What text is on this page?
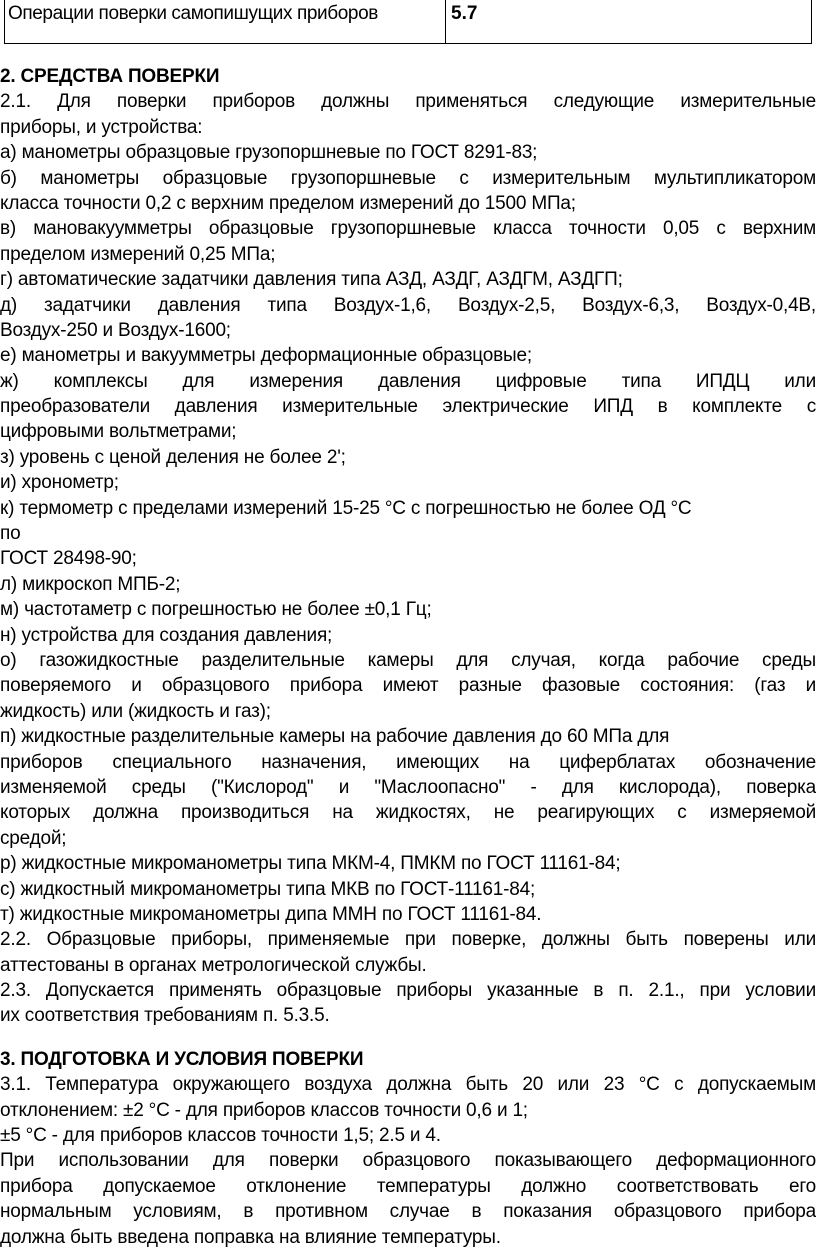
Операции поверки самопишущих приборов	5.7
2. СРЕДСТВА ПОВЕРКИ
2.1. Для поверки приборов должны применяться следующие измерительные
приборы, и устройства:
а) манометры образцовые грузопоршневые по ГОСТ 8291-83;
б) манометры образцовые грузопоршневые с измерительным мультипликатором
класса точности 0,2 с верхним пределом измерений до 1500 МПа;
в) мановакуумметры образцовые грузопоршневые класса точности 0,05 с верхним
пределом измерений 0,25 МПа;
г) автоматические задатчики давления типа АЗД, АЗДГ, АЗДГМ, АЗДГП;
д) задатчики давления типа Воздух-1,6, Воздух-2,5, Воздух-6,3, Воздух-0,4В,
Воздух-250 и Воздух-1600;
е) манометры и вакуумметры деформационные образцовые;
ж) комплексы для измерения давления цифровые типа ИПДЦ или
преобразователи давления измерительные электрические ИПД в комплекте с
цифровыми вольтметрами;
з) уровень с ценой деления не более 2';
и) хронометр;
к) термометр с пределами измерений 15-25 °С с погрешностью не более ОД °С
по
ГОСТ 28498-90;
л) микроскоп МПБ-2;
м) частотаметр с погрешностью не более ±0,1 Гц;
н) устройства для создания давления;
о) газожидкостные разделительные камеры для случая, когда рабочие среды
поверяемого и образцового прибора имеют разные фазовые состояния: (газ и
жидкость) или (жидкость и газ);
п) жидкостные разделительные камеры на рабочие давления до 60 МПа для
приборов специального назначения, имеющих на циферблатах обозначение
изменяемой среды ("Кислород" и "Маслоопасно" - для кислорода), поверка
которых должна производиться на жидкостях, не реагирующих с измеряемой
средой;
р) жидкостные микроманометры типа МКМ-4, ПМКМ по ГОСТ 11161-84;
с) жидкостный микроманометры типа МКВ по ГОСТ-11161-84;
т) жидкостные микроманометры дипа ММН по ГОСТ 11161-84.
2.2. Образцовые приборы, применяемые при поверке, должны быть поверены или
аттестованы в органах метрологической службы.
2.3. Допускается применять образцовые приборы указанные в п. 2.1., при условии
их соответствия требованиям п. 5.3.5.
3. ПОДГОТОВКА И УСЛОВИЯ ПОВЕРКИ
3.1. Температура окружающего воздуха должна быть 20 или 23 °С с допускаемым
отклонением: ±2 °С - для приборов классов точности 0,6 и 1;
±5 °С - для приборов классов точности 1,5; 2.5 и 4.
При использовании для поверки образцового показывающего деформационного
прибора допускаемое отклонение температуры должно соответствовать его
нормальным условиям, в противном случае в показания образцового прибора
должна быть введена поправка на влияние температуры.
